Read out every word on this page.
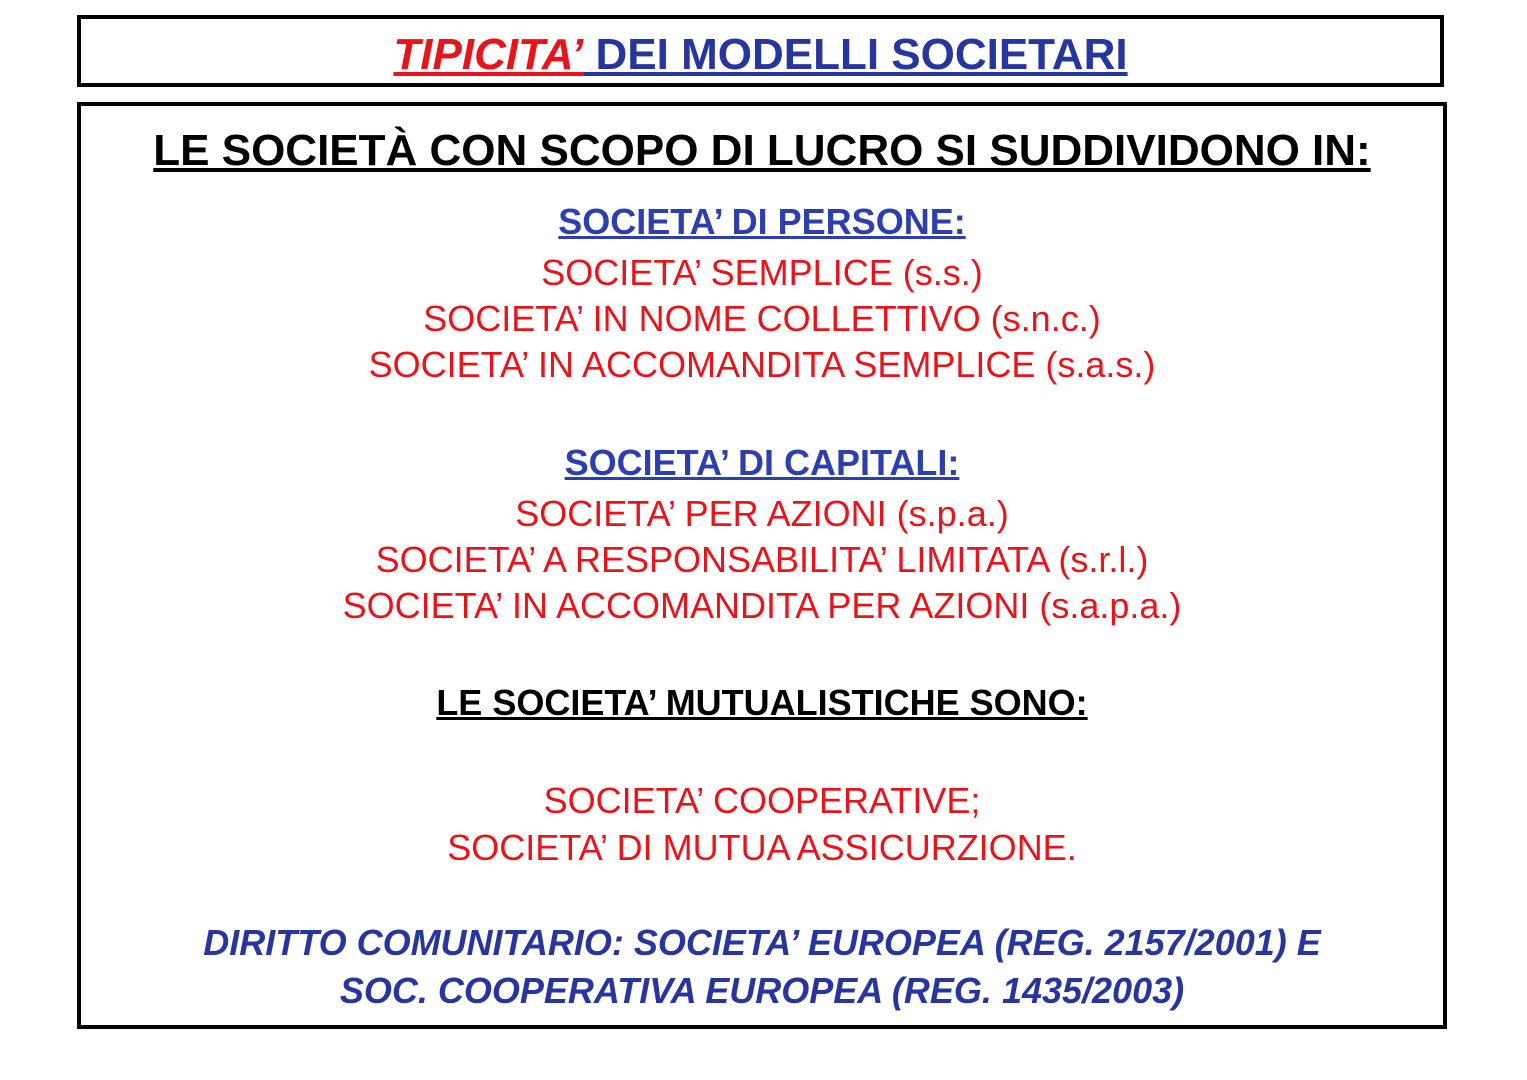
TIPICITA’ DEI MODELLI SOCIETARI
LE SOCIETÀ CON SCOPO DI LUCRO SI SUDDIVIDONO IN:
SOCIETA’ DI PERSONE:
SOCIETA’ SEMPLICE (s.s.)
SOCIETA’ IN NOME COLLETTIVO (s.n.c.)
SOCIETA’ IN ACCOMANDITA SEMPLICE (s.a.s.)
SOCIETA’ DI CAPITALI:
SOCIETA’ PER AZIONI (s.p.a.)
SOCIETA’ A RESPONSABILITA’ LIMITATA (s.r.l.)
SOCIETA’ IN ACCOMANDITA PER AZIONI (s.a.p.a.)
LE SOCIETA’ MUTUALISTICHE SONO:
SOCIETA’ COOPERATIVE;
SOCIETA’ DI MUTUA ASSICURZIONE.
DIRITTO COMUNITARIO: SOCIETA’ EUROPEA (REG. 2157/2001) E
SOC. COOPERATIVA EUROPEA (REG. 1435/2003)
